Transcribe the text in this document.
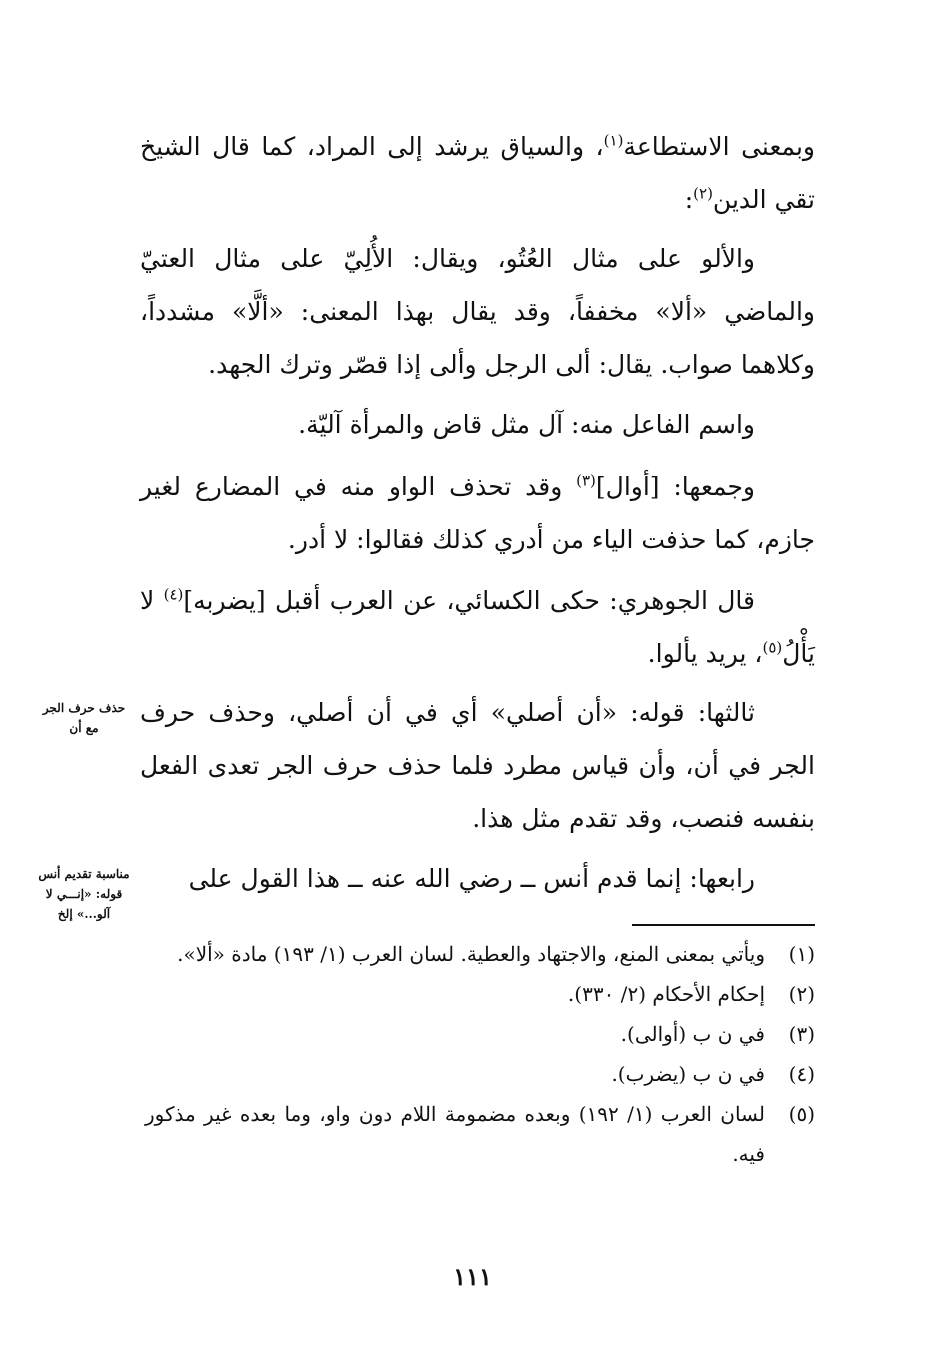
وبمعنى الاستطاعة$^{(١)}$، والسياق يرشد إلى المراد، كما قال الشيخ تقي الدين$^{(٢)}$:

والألو على مثال العُتُو، ويقال: الأُلِيّ على مثال العتيّ والماضي «ألا» مخففاً، وقد يقال بهذا المعنى: «ألَّا» مشدداً، وكلاهما صواب. يقال: ألى الرجل وألى إذا قصّر وترك الجهد.

واسم الفاعل منه: آل مثل قاض والمرأة آليّة.

وجمعها: [أوال]$^{(٣)}$ وقد تحذف الواو منه في المضارع لغير جازم، كما حذفت الياء من أدري كذلك فقالوا: لا أدر.

قال الجوهري: حكى الكسائي، عن العرب أقبل [يضربه]$^{(٤)}$ لا يَأْلُ$^{(٥)}$، يريد يألوا.

ثالثها: قوله: «أن أصلي» أي في أن أصلي، وحذف حرف الجر في أن، وأن قياس مطرد فلما حذف حرف الجر تعدى الفعل بنفسه فنصب، وقد تقدم مثل هذا.

رابعها: إنما قدم أنس ــ رضي الله عنه ــ هذا القول على

حذف حرف الجر مع أن
مناسبة تقديم أنس قوله: «إنـــي لا آلو...» إلخ
(١)
ويأتي بمعنى المنع، والاجتهاد والعطية. لسان العرب (١/ ١٩٣) مادة «ألا».
(٢)
إحكام الأحكام (٢/ ٣٣٠).
(٣)
في ن ب (أوالى).
(٤)
في ن ب (يضرب).
(٥)
لسان العرب (١/ ١٩٢) وبعده مضمومة اللام دون واو، وما بعده غير مذكور فيه.
١١١
